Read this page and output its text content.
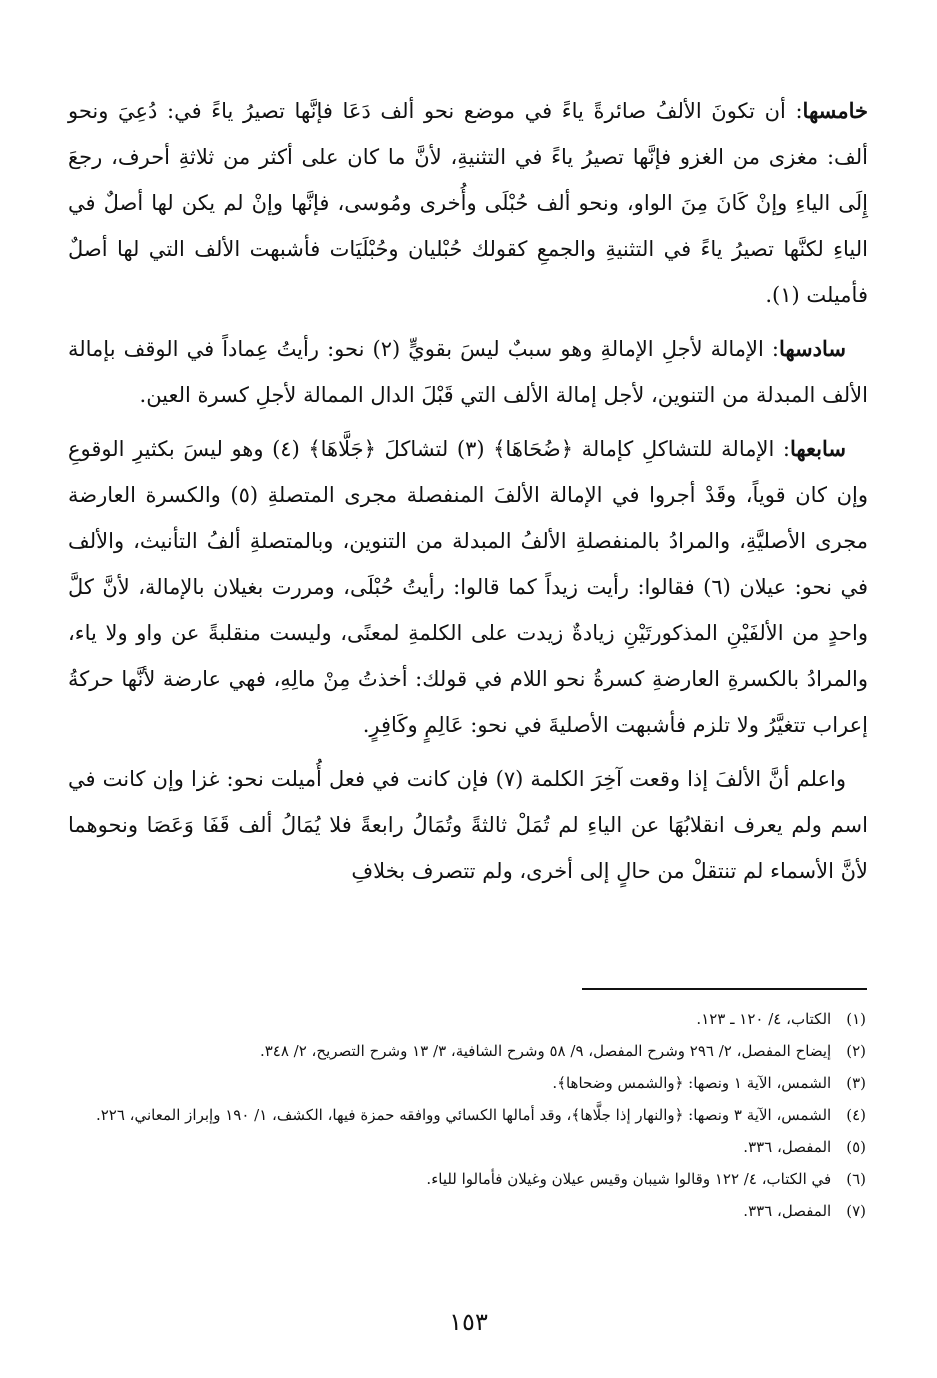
خامسها: أن تكونَ الألفُ صائرةً ياءً في موضع نحو ألف دَعَا فإنَّها تصيرُ ياءً في: دُعِيَ ونحو ألف: مغزى من الغزو فإنَّها تصيرُ ياءً في التثنيةِ، لأنَّ ما كان على أكثر من ثلاثةِ أحرف، رجعَ إِلَى الياءِ وإنْ كَانَ مِنَ الواو، ونحو ألف حُبْلَى وأُخرى ومُوسى، فإنَّها وإنْ لم يكن لها أصلٌ في الياءِ لكنَّها تصيرُ ياءً في التثنيةِ والجمعِ كقولك حُبْليان وحُبْلَيَات فأشبهت الألف التي لها أصلٌ فأميلت (١).

سادسها: الإمالة لأجلِ الإمالةِ وهو سببٌ ليسَ بقويٍّ (٢) نحو: رأيتُ عِماداً في الوقف بإمالة الألف المبدلة من التنوين، لأجل إمالة الألف التي قَبْلَ الدال الممالة لأجلِ كسرة العين.

سابعها: الإمالة للتشاكلِ كإمالة ﴿ضُحَاهَا﴾ (٣) لتشاكلَ ﴿جَلَّاهَا﴾ (٤) وهو ليسَ بكثيرِ الوقوعِ وإن كان قوياً، وقَدْ أجروا في الإمالة الألفَ المنفصلة مجرى المتصلةِ (٥) والكسرة العارضة مجرى الأصليَّةِ، والمرادُ بالمنفصلةِ الألفُ المبدلة من التنوين، وبالمتصلةِ ألفُ التأنيث، والألف في نحو: عيلان (٦) فقالوا: رأيت زيداً كما قالوا: رأيتُ حُبْلَى، ومررت بغيلان بالإمالة، لأنَّ كلَّ واحدٍ من الألفَيْنِ المذكورتَيْنِ زيادةٌ زيدت على الكلمةِ لمعنًى، وليست منقلبةً عن واو ولا ياء، والمرادُ بالكسرةِ العارضةِ كسرةُ نحو اللام في قولك: أخذتُ مِنْ مالِهِ، فهي عارضة لأنَّها حركةُ إعراب تتغيَّرُ ولا تلزم فأشبهت الأصليةَ في نحو: عَالِمٍ وكَافِرٍ.

واعلم أنَّ الألفَ إذا وقعت آخِرَ الكلمة (٧) فإن كانت في فعل أُميلت نحو: غزا وإن كانت في اسم ولم يعرف انقلابُهَا عن الياءِ لم تُمَلْ ثالثةً وتُمَالُ رابعةً فلا يُمَالُ ألف قَفَا وَعَصَا ونحوهما لأنَّ الأسماء لم تنتقلْ من حالٍ إلى أخرى، ولم تتصرف بخلافِ

(١) الكتاب، ٤/ ١٢٠ ـ ١٢٣.
(٢) إيضاح المفصل، ٢/ ٢٩٦ وشرح المفصل، ٩/ ٥٨ وشرح الشافية، ٣/ ١٣ وشرح التصريح، ٢/ ٣٤٨.
(٣) الشمس، الآية ١ ونصها: ﴿والشمس وضحاها﴾.
(٤) الشمس، الآية ٣ ونصها: ﴿والنهار إذا جلَّاها﴾، وقد أمالها الكسائي ووافقه حمزة فيها، الكشف، ١/ ١٩٠ وإبراز المعاني، ٢٢٦.
(٥) المفصل، ٣٣٦.
(٦) في الكتاب، ٤/ ١٢٢ وقالوا شيبان وقيس عيلان وغيلان فأمالوا للياء.
(٧) المفصل، ٣٣٦.
١٥٣
